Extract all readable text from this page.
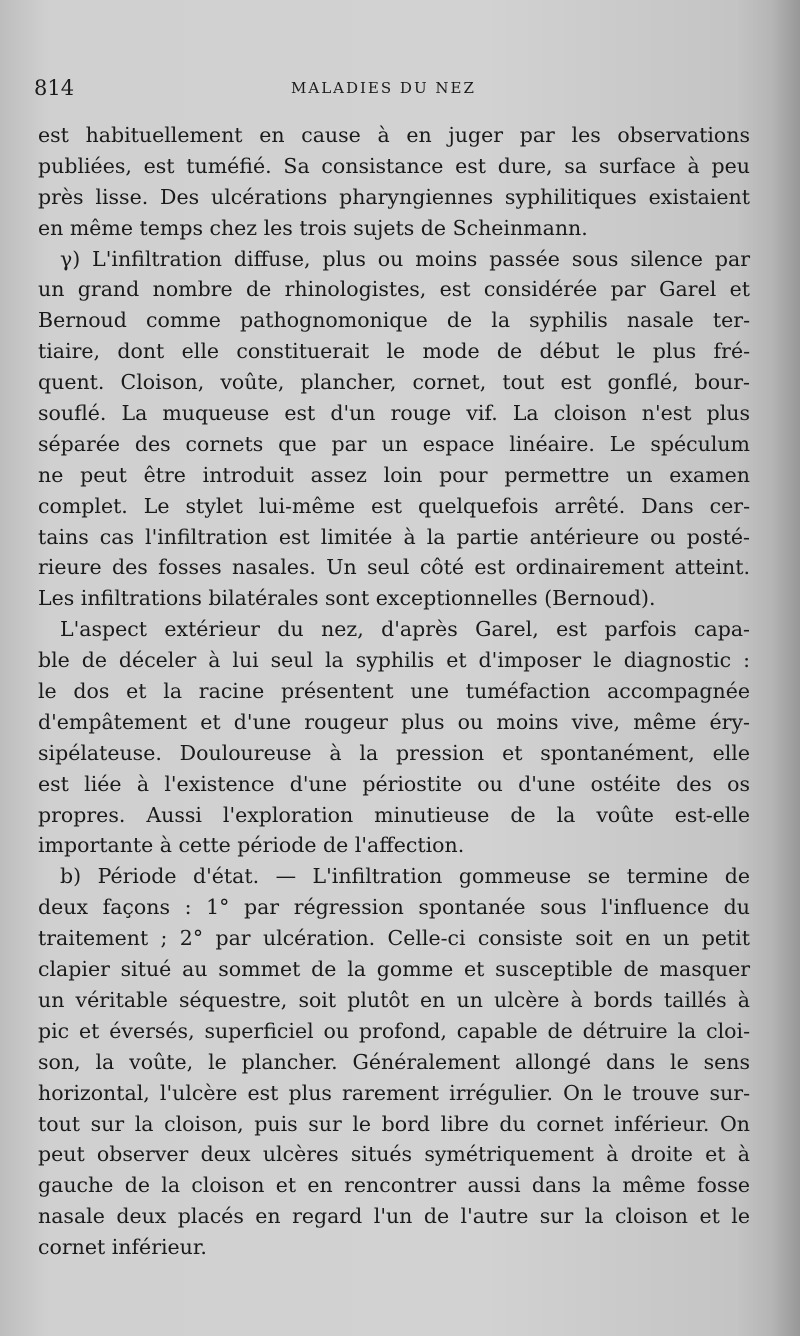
814	MALADIES DU NEZ
est habituellement en cause à en juger par les observations
publiées, est tuméfié. Sa consistance est dure, sa surface à peu
près lisse. Des ulcérations pharyngiennes syphilitiques existaient
en même temps chez les trois sujets de Scheinmann.
γ) L'infiltration diffuse, plus ou moins passée sous silence par
un grand nombre de rhinologistes, est considérée par Garel et
Bernoud comme pathognomonique de la syphilis nasale ter-
tiaire, dont elle constituerait le mode de début le plus fré-
quent. Cloison, voûte, plancher, cornet, tout est gonflé, bour-
souflé. La muqueuse est d'un rouge vif. La cloison n'est plus
séparée des cornets que par un espace linéaire. Le spéculum
ne peut être introduit assez loin pour permettre un examen
complet. Le stylet lui-même est quelquefois arrêté. Dans cer-
tains cas l'infiltration est limitée à la partie antérieure ou posté-
rieure des fosses nasales. Un seul côté est ordinairement atteint.
Les infiltrations bilatérales sont exceptionnelles (Bernoud).
L'aspect extérieur du nez, d'après Garel, est parfois capa-
ble de déceler à lui seul la syphilis et d'imposer le diagnostic :
le dos et la racine présentent une tuméfaction accompagnée
d'empâtement et d'une rougeur plus ou moins vive, même éry-
sipélateuse. Douloureuse à la pression et spontanément, elle
est liée à l'existence d'une périostite ou d'une ostéite des os
propres. Aussi l'exploration minutieuse de la voûte est-elle
importante à cette période de l'affection.
b) Période d'état. — L'infiltration gommeuse se termine de
deux façons : 1° par régression spontanée sous l'influence du
traitement ; 2° par ulcération. Celle-ci consiste soit en un petit
clapier situé au sommet de la gomme et susceptible de masquer
un véritable séquestre, soit plutôt en un ulcère à bords taillés à
pic et éversés, superficiel ou profond, capable de détruire la cloi-
son, la voûte, le plancher. Généralement allongé dans le sens
horizontal, l'ulcère est plus rarement irrégulier. On le trouve sur-
tout sur la cloison, puis sur le bord libre du cornet inférieur. On
peut observer deux ulcères situés symétriquement à droite et à
gauche de la cloison et en rencontrer aussi dans la même fosse
nasale deux placés en regard l'un de l'autre sur la cloison et le
cornet inférieur.
